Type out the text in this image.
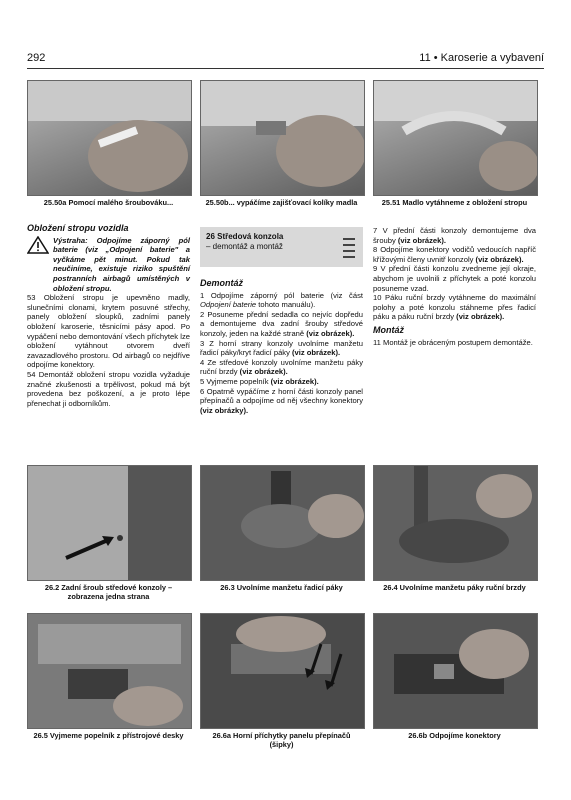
292	11 • Karoserie a vybavení
25.50a Pomocí malého šroubováku...	25.50b... vypáčíme zajišťovací kolíky madla	25.51 Madlo vytáhneme z obložení stropu
Obložení stropu vozidla

Výstraha: Odpojíme záporný pól baterie (viz „Odpojení baterie" a vyčkáme pět minut. Pokud tak neučiníme, existuje riziko spuštění postranních airbagů umístěných v obložení stropu.

53 Obložení stropu je upevněno madly, slunečními clonami, krytem posuvné střechy, panely obložení sloupků, zadními panely obložení karoserie, těsnicími pásy apod. Po vypáčení nebo demontování všech příchytek lze obložení vytáhnout otvorem dveří zavazadlového prostoru. Od airbagů co nejdříve odpojíme konektory.

54 Demontáž obložení stropu vozidla vyžaduje značné zkušenosti a trpělivost, pokud má být provedena bez poškození, a je proto lépe přenechat ji odborníkům.

26 Středová konzola
– demontáž a montáž
Demontáž

1 Odpojíme záporný pól baterie (viz část Odpojení baterie tohoto manuálu).

2 Posuneme přední sedadla co nejvíc dopředu a demontujeme dva zadní šrouby středové konzoly, jeden na každé straně (viz obrázek).

3 Z horní strany konzoly uvolníme manžetu řadicí páky/kryt řadicí páky (viz obrázek).

4 Ze středové konzoly uvolníme manžetu páky ruční brzdy (viz obrázek).

5 Vyjmeme popelník (viz obrázek).

6 Opatrně vypáčíme z horní části konzoly panel přepínačů a odpojíme od něj všechny konektory (viz obrázky).

7 V přední části konzoly demontujeme dva šrouby (viz obrázek).

8 Odpojíme konektory vodičů vedoucích napříč křížovými členy uvnitř konzoly (viz obrázek).

9 V přední části konzolu zvedneme její okraje, abychom je uvolnili z příchytek a poté konzolu posuneme vzad.

10 Páku ruční brzdy vytáhneme do maximální polohy a poté konzolu stáhneme přes řadicí páku a páku ruční brzdy (viz obrázek).

Montáž

11 Montáž je obráceným postupem demontáže.

26.2 Zadní šroub středové konzoly – zobrazena jedna strana
26.3 Uvolníme manžetu řadicí páky	26.4 Uvolníme manžetu páky ruční brzdy
26.5 Vyjmeme popelník z přístrojové desky	26.6a Horní příchytky panelu přepínačů (šipky)
26.6b Odpojíme konektory
